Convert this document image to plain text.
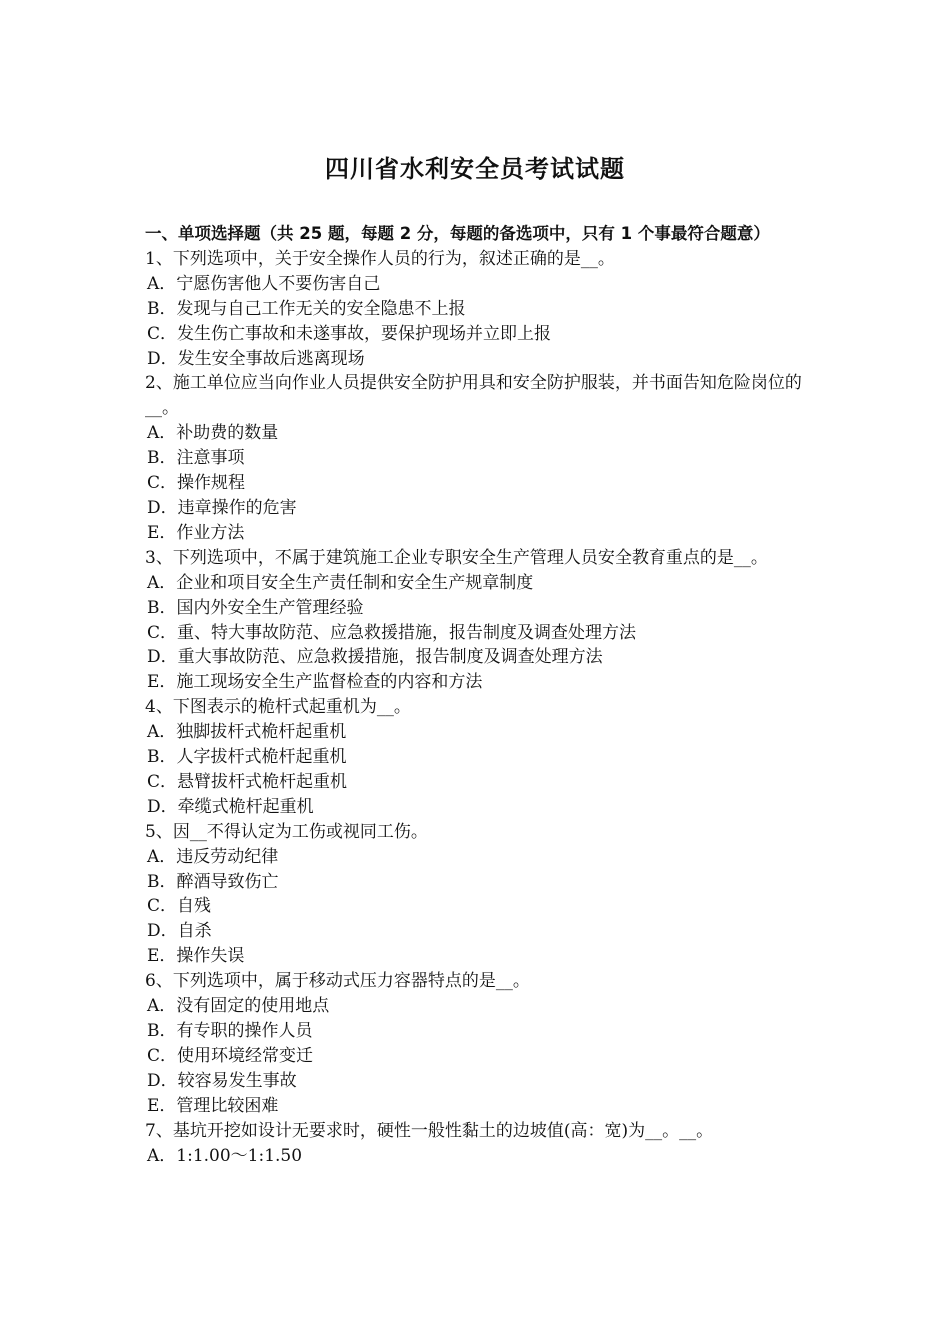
四川省水利安全员考试试题

一、单项选择题（共 25 题，每题 2 分，每题的备选项中，只有 1 个事最符合题意）

1、下列选项中，关于安全操作人员的行为，叙述正确的是__。

A．宁愿伤害他人不要伤害自己

B．发现与自己工作无关的安全隐患不上报

C．发生伤亡事故和未遂事故，要保护现场并立即上报

D．发生安全事故后逃离现场

2、施工单位应当向作业人员提供安全防护用具和安全防护服装，并书面告知危险岗位的__。

A．补助费的数量

B．注意事项

C．操作规程

D．违章操作的危害

E．作业方法

3、下列选项中，不属于建筑施工企业专职安全生产管理人员安全教育重点的是__。

A．企业和项目安全生产责任制和安全生产规章制度

B．国内外安全生产管理经验

C．重、特大事故防范、应急救援措施，报告制度及调查处理方法

D．重大事故防范、应急救援措施，报告制度及调查处理方法

E．施工现场安全生产监督检查的内容和方法

4、下图表示的桅杆式起重机为__。

A．独脚拔杆式桅杆起重机

B．人字拔杆式桅杆起重机

C．悬臂拔杆式桅杆起重机

D．牵缆式桅杆起重机

5、因__不得认定为工伤或视同工伤。

A．违反劳动纪律

B．醉酒导致伤亡

C．自残

D．自杀

E．操作失误

6、下列选项中，属于移动式压力容器特点的是__。

A．没有固定的使用地点

B．有专职的操作人员

C．使用环境经常变迁

D．较容易发生事故

E．管理比较困难

7、基坑开挖如设计无要求时，硬性一般性黏土的边坡值(高：宽)为__。__。

A．1:1.00～1:1.50
